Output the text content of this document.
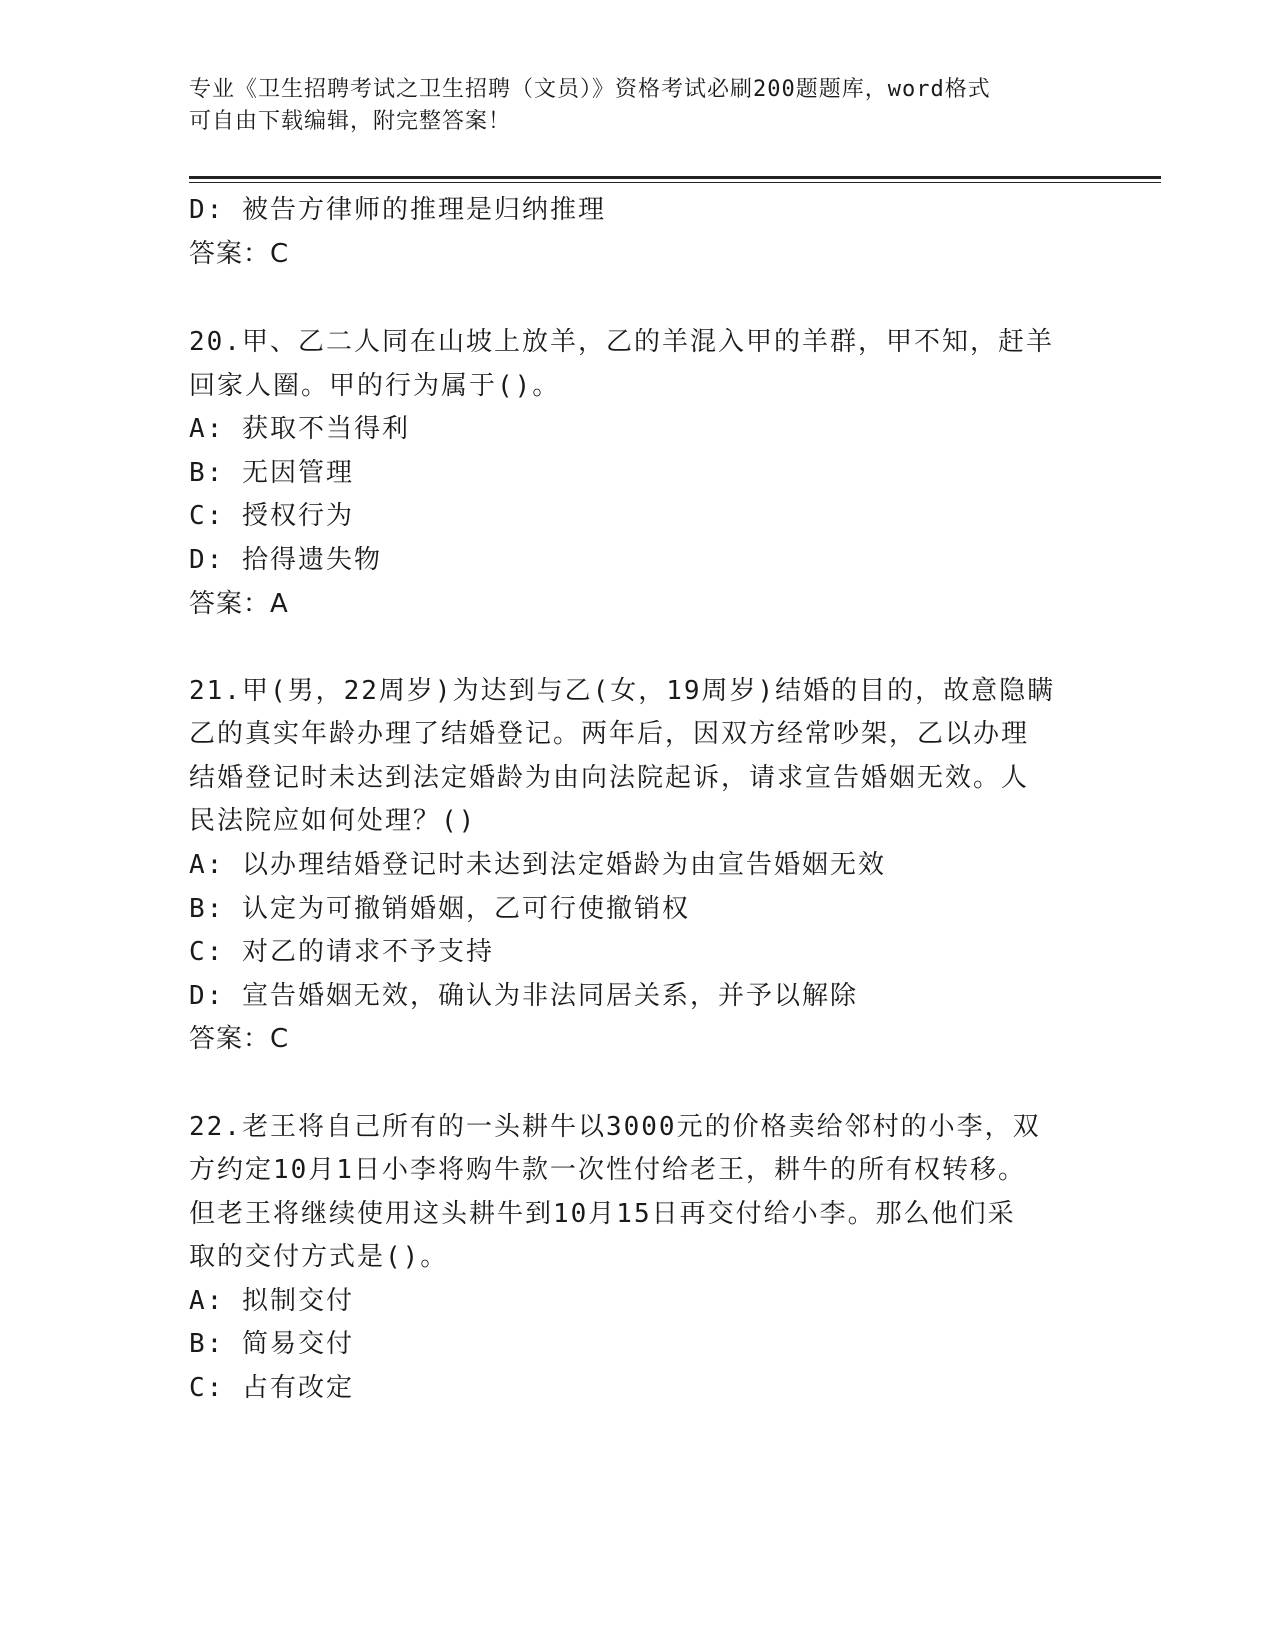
专业《卫生招聘考试之卫生招聘（文员）》资格考试必刷200题题库，word格式
可自由下载编辑，附完整答案！
D: 被告方律师的推理是归纳推理
答案：C
20.甲、乙二人同在山坡上放羊，乙的羊混入甲的羊群，甲不知，赶羊
回家人圈。甲的行为属于()。
A: 获取不当得利
B: 无因管理
C: 授权行为
D: 拾得遗失物
答案：A
21.甲(男，22周岁)为达到与乙(女，19周岁)结婚的目的，故意隐瞒
乙的真实年龄办理了结婚登记。两年后，因双方经常吵架，乙以办理
结婚登记时未达到法定婚龄为由向法院起诉，请求宣告婚姻无效。人
民法院应如何处理？()
A: 以办理结婚登记时未达到法定婚龄为由宣告婚姻无效
B: 认定为可撤销婚姻，乙可行使撤销权
C: 对乙的请求不予支持
D: 宣告婚姻无效，确认为非法同居关系，并予以解除
答案：C
22.老王将自己所有的一头耕牛以3000元的价格卖给邻村的小李，双
方约定10月1日小李将购牛款一次性付给老王，耕牛的所有权转移。
但老王将继续使用这头耕牛到10月15日再交付给小李。那么他们采
取的交付方式是()。
A: 拟制交付
B: 简易交付
C: 占有改定
